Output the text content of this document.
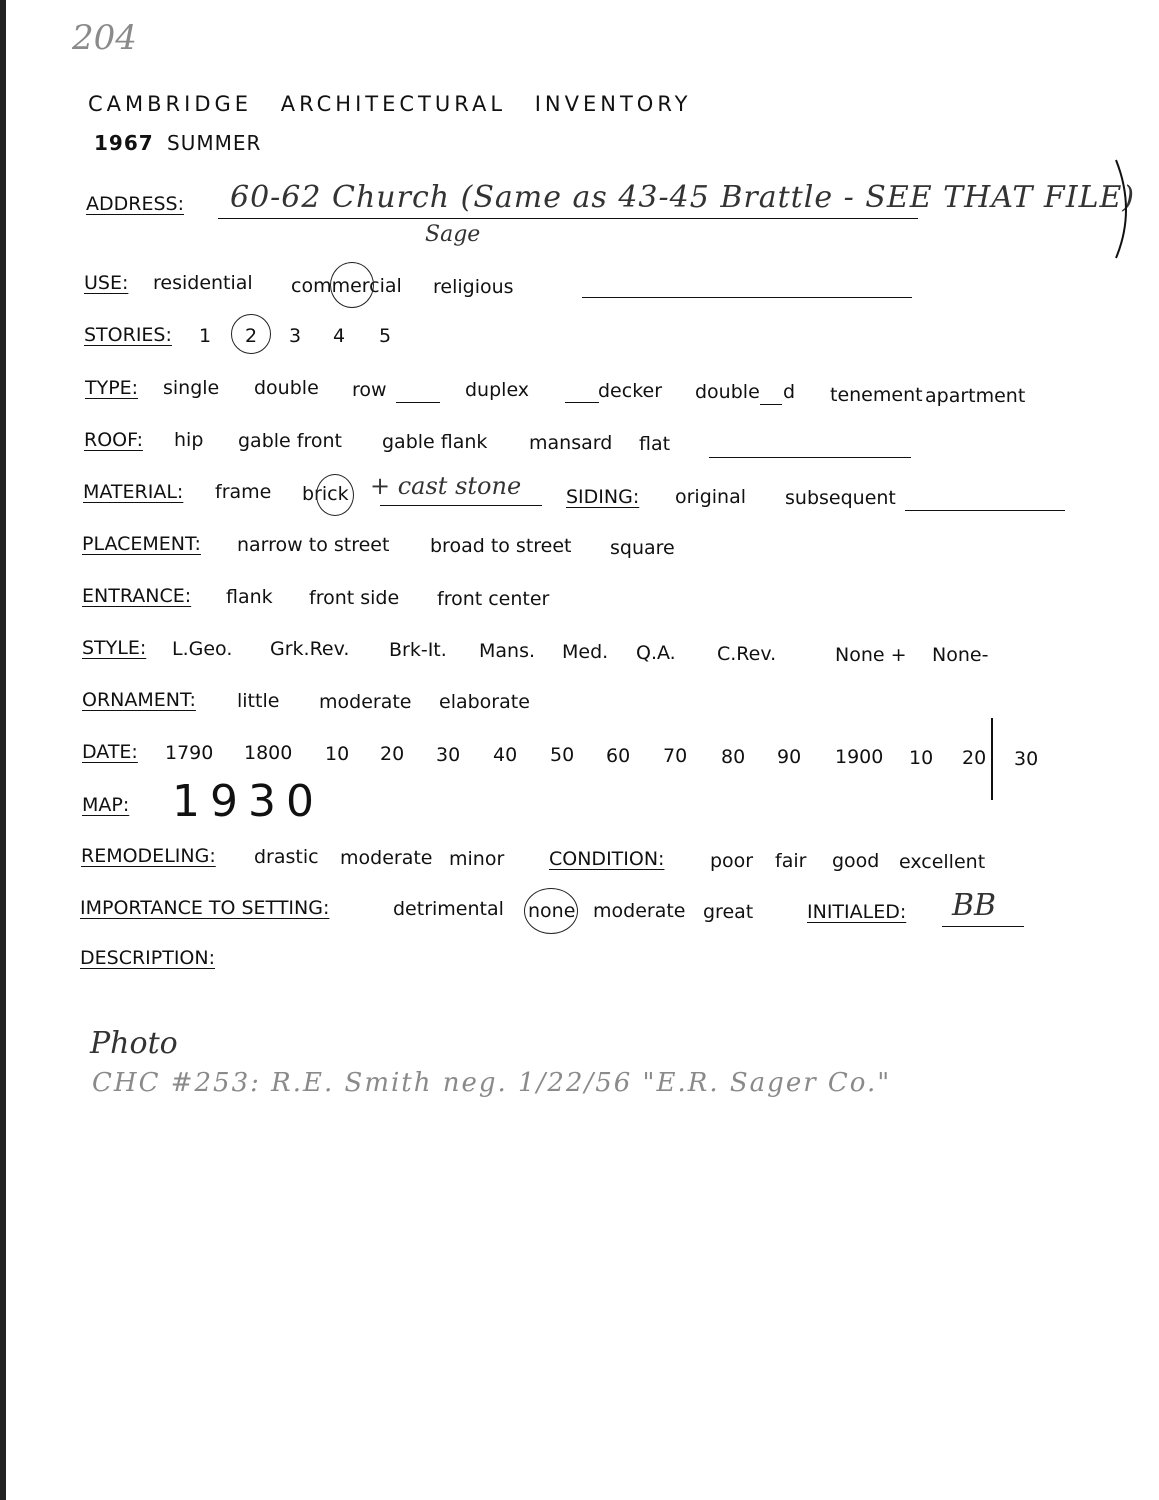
204
CAMBRIDGE ARCHITECTURAL INVENTORY
1967 SUMMER
ADDRESS: 60-62 Church (Same as 43-45 Brattle - SEE THAT FILE)
Sage
USE: residential commercial religious
STORIES: 1 2 3 4 5
TYPE: single double row	duplex	decker double d tenement apartment
ROOF: hip gable front gable flank mansard flat
MATERIAL: frame brick + cast stone SIDING: original subsequent
PLACEMENT: narrow to street broad to street square
ENTRANCE: flank front side front center
STYLE: L.Geo. Grk.Rev. Brk-It. Mans. Med. Q.A. C.Rev.	None + None-
ORNAMENT: little moderate elaborate
DATE: 1790 1800 10 20 30 40 50 60 70 80 90 1900 10 20 30
MAP: 1930
REMODELING: drastic moderate minor CONDITION: poor fair good excellent
IMPORTANCE TO SETTING:	detrimental none moderate great	INITIALED: BB
DESCRIPTION:
Photo
CHC #253: R.E. Smith neg. 1/22/56 "E.R. Sager Co."
